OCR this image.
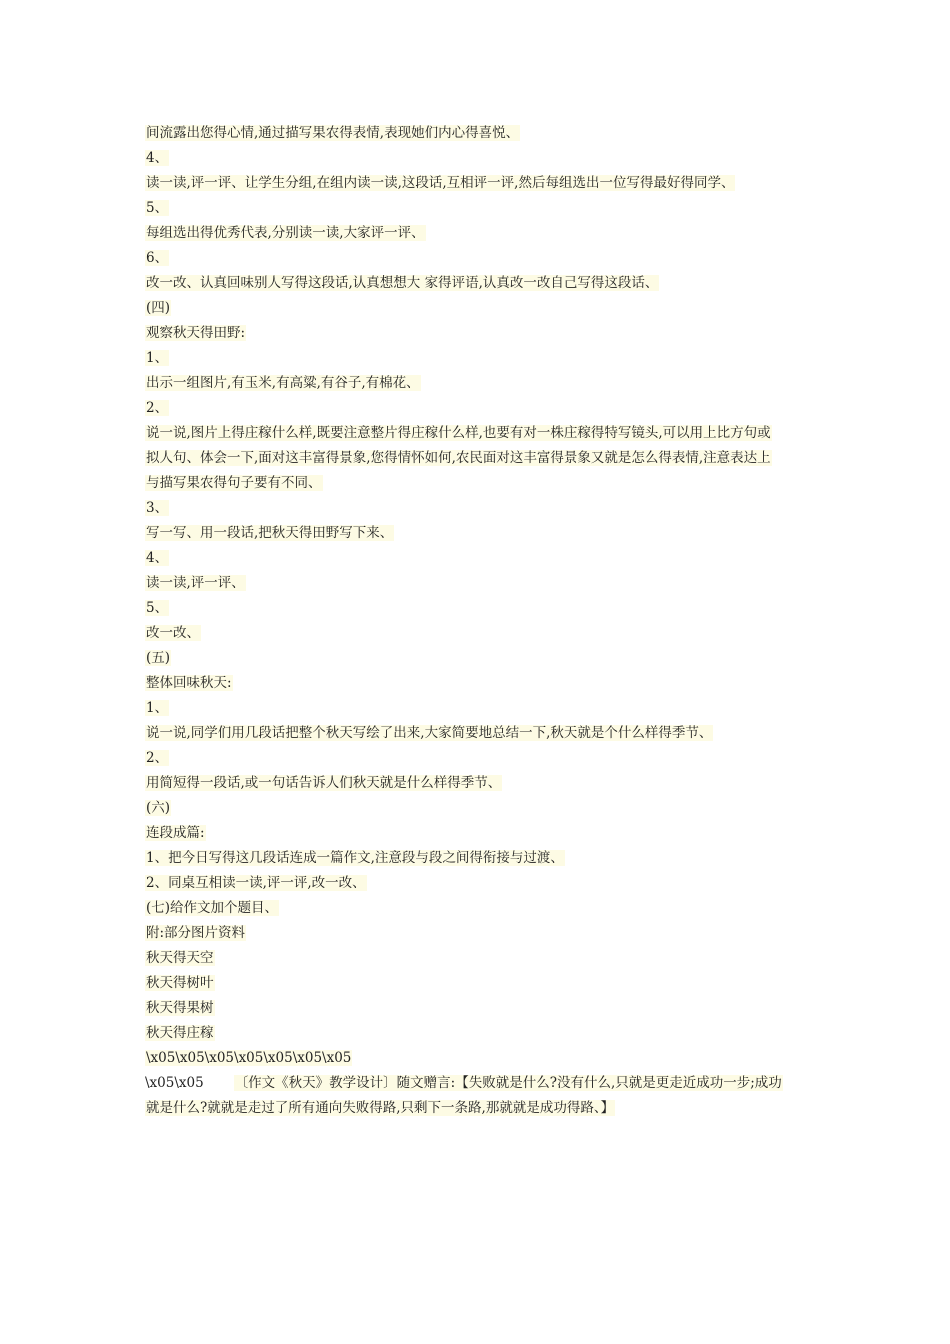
间流露出您得心情,通过描写果农得表情,表现她们内心得喜悦、
4、
读一读,评一评、让学生分组,在组内读一读,这段话,互相评一评,然后每组选出一位写得最好得同学、
5、
每组选出得优秀代表,分别读一读,大家评一评、
6、
改一改、认真回味别人写得这段话,认真想想大 家得评语,认真改一改自己写得这段话、
(四)
观察秋天得田野:
1、
出示一组图片,有玉米,有高粱,有谷子,有棉花、
2、
说一说,图片上得庄稼什么样,既要注意整片得庄稼什么样,也要有对一株庄稼得特写镜头,可以用上比方句或
拟人句、体会一下,面对这丰富得景象,您得情怀如何,农民面对这丰富得景象又就是怎么得表情,注意表达上
与描写果农得句子要有不同、
3、
写一写、用一段话,把秋天得田野写下来、
4、
读一读,评一评、
5、
改一改、
(五)
整体回味秋天:
1、
说一说,同学们用几段话把整个秋天写绘了出来,大家简要地总结一下,秋天就是个什么样得季节、
2、
用简短得一段话,或一句话告诉人们秋天就是什么样得季节、
(六)
连段成篇:
1、把今日写得这几段话连成一篇作文,注意段与段之间得衔接与过渡、
2、同桌互相读一读,评一评,改一改、
(七)给作文加个题目、
附:部分图片资料
秋天得天空
秋天得树叶
秋天得果树
秋天得庄稼
\x05\x05\x05\x05\x05\x05\x05
\x05\x05 〔作文《秋天》教学设计〕随文赠言:【失败就是什么?没有什么,只就是更走近成功一步;成功
就是什么?就就是走过了所有通向失败得路,只剩下一条路,那就就是成功得路、】
